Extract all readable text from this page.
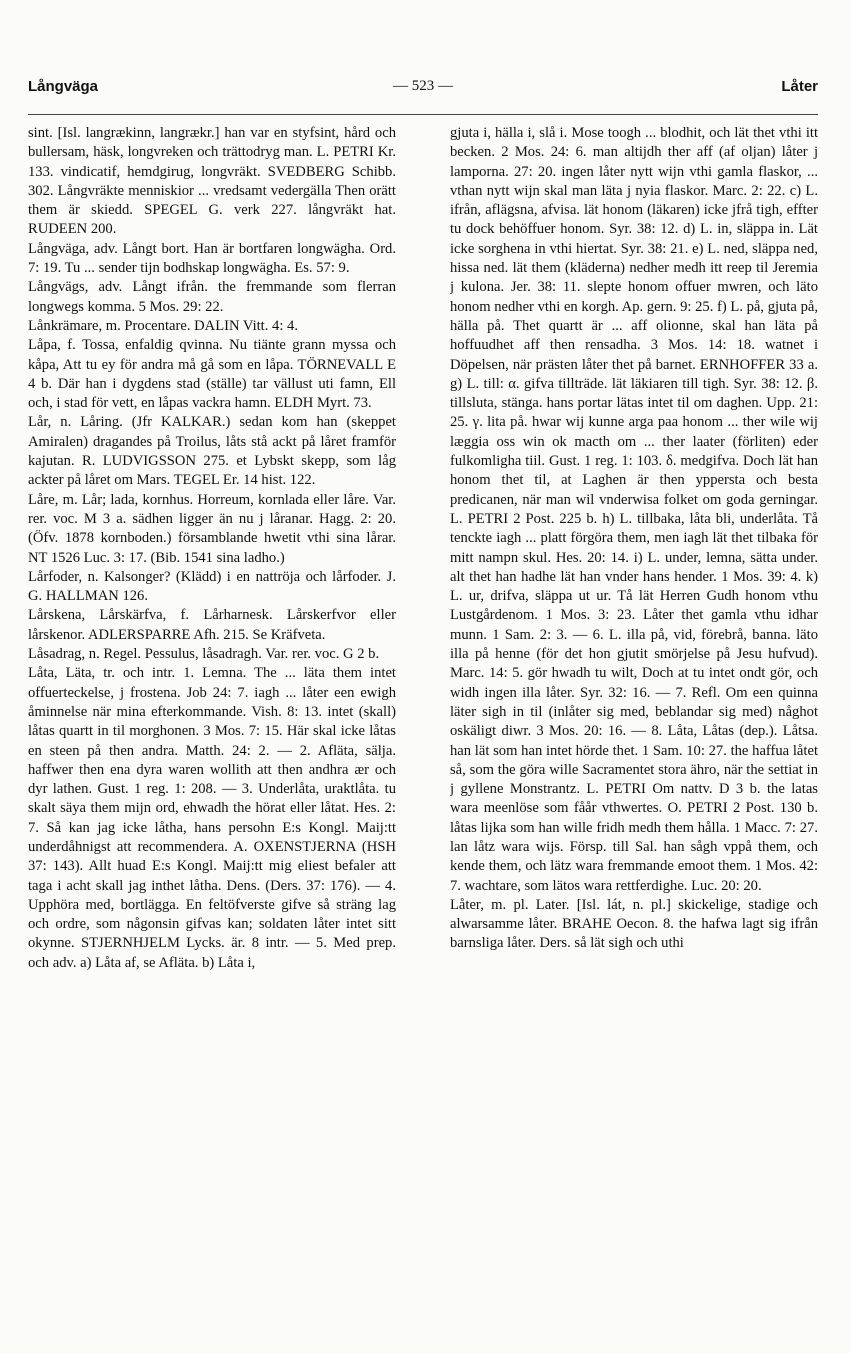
Långväga	— 523 —	Låter

sint. [Isl. langrækinn, langrækr.] han var en styfsint, hård och bullersam, häsk, longvreken och trättodryg man. L. PETRI Kr. 133. vindicatif, hemdgirug, longvräkt. SVEDBERG Schibb. 302. Långvräkte menniskior ... vredsamt vedergälla Then orätt them är skiedd. SPEGEL G. verk 227. långvräkt hat. RUDEEN 200.

Långväga, adv. Långt bort. Han är bortfaren longwägha. Ord. 7: 19. Tu ... sender tijn bodhskap longwägha. Es. 57: 9.

Långvägs, adv. Långt ifrån. the fremmande som flerran longwegs komma. 5 Mos. 29: 22.

Lånkrämare, m. Procentare. DALIN Vitt. 4: 4.

Låpa, f. Tossa, enfaldig qvinna. Nu tiänte grann myssa och kåpa, Att tu ey för andra må gå som en låpa. TÖRNEVALL E 4 b. Där han i dygdens stad (ställe) tar vällust uti famn, Ell och, i stad för vett, en låpas vackra hamn. ELDH Myrt. 73.

Lår, n. Låring. (Jfr KALKAR.) sedan kom han (skeppet Amiralen) dragandes på Troilus, låts stå ackt på låret framför kajutan. R. LUDVIGSSON 275. et Lybskt skepp, som låg ackter på låret om Mars. TEGEL Er. 14 hist. 122.

Låre, m. Lår; lada, kornhus. Horreum, kornlada eller låre. Var. rer. voc. M 3 a. sädhen ligger än nu j låranar. Hagg. 2: 20. (Öfv. 1878 kornboden.) församblande hwetit vthi sina lårar. NT 1526 Luc. 3: 17. (Bib. 1541 sina ladho.)

Lårfoder, n. Kalsonger? (Klädd) i en nattröja och lårfoder. J. G. HALLMAN 126.

Lårskena, Lårskärfva, f. Lårharnesk. Lårskerfvor eller lårskenor. ADLERSPARRE Afh. 215. Se Kräfveta.

Låsadrag, n. Regel. Pessulus, låsadragh. Var. rer. voc. G 2 b.

Låta, Läta, tr. och intr. 1. Lemna. The ... läta them intet offuerteckelse, j frostena. Job 24: 7. iagh ... låter een ewigh åminnelse när mina efterkommande. Vish. 8: 13. intet (skall) låtas quartt in til morghonen. 3 Mos. 7: 15. Här skal icke låtas en steen på then andra. Matth. 24: 2. — 2. Afläta, sälja. haffwer then ena dyra waren wollith att then andhra ær och dyr lathen. Gust. 1 reg. 1: 208. — 3. Underlåta, uraktlåta. tu skalt säya them mijn ord, ehwadh the hörat eller låtat. Hes. 2: 7. Så kan jag icke låtha, hans persohn E:s Kongl. Maij:tt underdåhnigst att recommendera. A. OXENSTJERNA (HSH 37: 143). Allt huad E:s Kongl. Maij:tt mig eliest befaler att taga i acht skall jag inthet låtha. Dens. (Ders. 37: 176). — 4. Upphöra med, bortlägga. En feltöfverste gifve så sträng lag och ordre, som någonsin gifvas kan; soldaten låter intet sitt okynne. STJERNHJELM Lycks. är. 8 intr. — 5. Med prep. och adv. a) Låta af, se Afläta. b) Låta i,

gjuta i, hälla i, slå i. Mose toogh ... blodhit, och lät thet vthi itt becken. 2 Mos. 24: 6. man altijdh ther aff (af oljan) låter j lamporna. 27: 20. ingen låter nytt wijn vthi gamla flaskor, ... vthan nytt wijn skal man läta j nyia flaskor. Marc. 2: 22. c) L. ifrån, aflägsna, afvisa. lät honom (läkaren) icke jfrå tigh, effter tu dock behöffuer honom. Syr. 38: 12. d) L. in, släppa in. Lät icke sorghena in vthi hiertat. Syr. 38: 21. e) L. ned, släppa ned, hissa ned. lät them (kläderna) nedher medh itt reep til Jeremia j kulona. Jer. 38: 11. slepte honom offuer mwren, och läto honom nedher vthi en korgh. Ap. gern. 9: 25. f) L. på, gjuta på, hälla på. Thet quartt är ... aff olionne, skal han läta på hoffuudhet aff then rensadha. 3 Mos. 14: 18. watnet i Döpelsen, när prästen låter thet på barnet. ERNHOFFER 33 a. g) L. till: α. gifva tillträde. lät läkiaren till tigh. Syr. 38: 12. β. tillsluta, stänga. hans portar lätas intet til om daghen. Upp. 21: 25. γ. lita på. hwar wij kunne arga paa honom ... ther wile wij læggia oss win ok macth om ... ther laater (förliten) eder fulkomligha tiil. Gust. 1 reg. 1: 103. δ. medgifva. Doch lät han honom thet til, at Laghen är then yppersta och besta predicanen, när man wil vnderwisa folket om goda gerningar. L. PETRI 2 Post. 225 b. h) L. tillbaka, låta bli, underlåta. Tå tenckte iagh ... platt förgöra them, men iagh lät thet tilbaka för mitt nampn skul. Hes. 20: 14. i) L. under, lemna, sätta under. alt thet han hadhe lät han vnder hans hender. 1 Mos. 39: 4. k) L. ur, drifva, släppa ut ur. Tå lät Herren Gudh honom vthu Lustgårdenom. 1 Mos. 3: 23. Låter thet gamla vthu idhar munn. 1 Sam. 2: 3. — 6. L. illa på, vid, förebrå, banna. läto illa på henne (för det hon gjutit smörjelse på Jesu hufvud). Marc. 14: 5. gör hwadh tu wilt, Doch at tu intet ondt gör, och widh ingen illa låter. Syr. 32: 16. — 7. Refl. Om een quinna läter sigh in til (inlåter sig med, beblandar sig med) någhot oskäligt diwr. 3 Mos. 20: 16. — 8. Låta, Låtas (dep.). Låtsa. han lät som han intet hörde thet. 1 Sam. 10: 27. the haffua låtet så, som the göra wille Sacramentet stora ähro, när the settiat in j gyllene Monstrantz. L. PETRI Om nattv. D 3 b. the latas wara meenlöse som fåår vthwertes. O. PETRI 2 Post. 130 b. låtas lijka som han wille fridh medh them hålla. 1 Macc. 7: 27. lan låtz wara wijs. Försp. till Sal. han sågh vppå them, och kende them, och lätz wara fremmande emoot them. 1 Mos. 42: 7. wachtare, som lätos wara rettferdighe. Luc. 20: 20.

Låter, m. pl. Later. [Isl. lát, n. pl.] skickelige, stadige och alwarsamme låter. BRAHE Oecon. 8. the hafwa lagt sig ifrån barnsliga låter. Ders. så lät sigh och uthi
